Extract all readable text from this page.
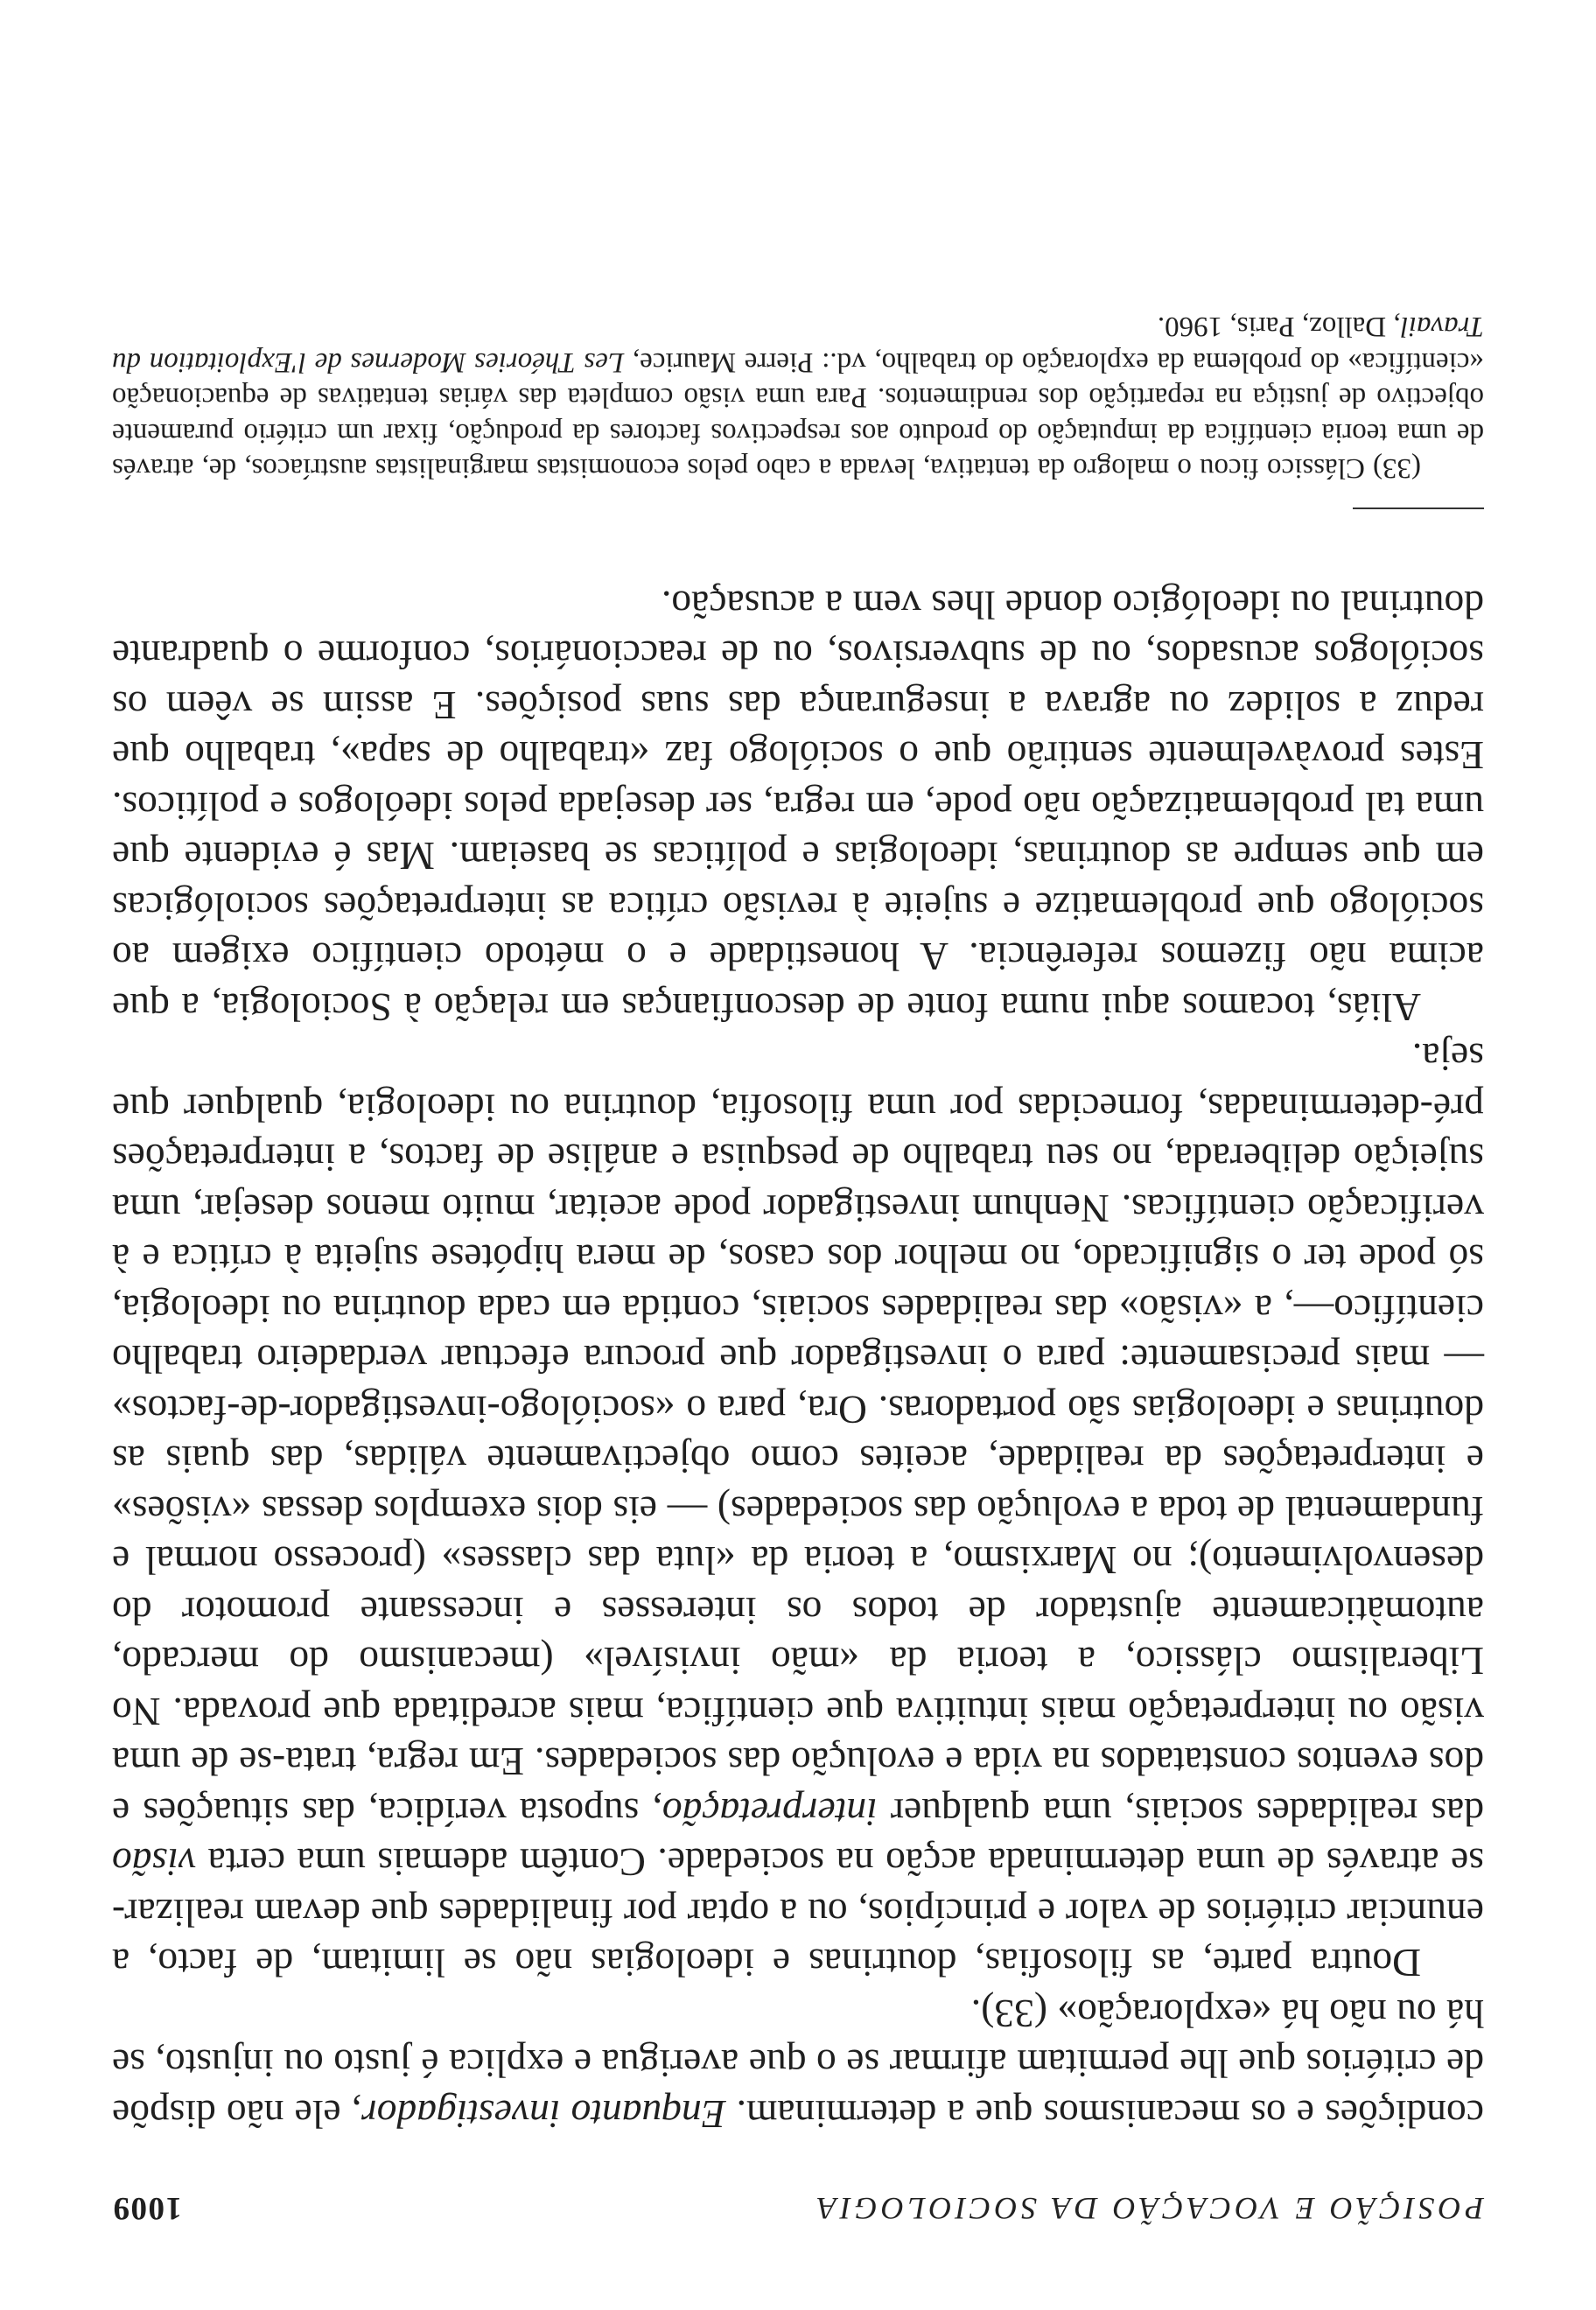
POSIÇÃO E VOCAÇÃO DA SOCIOLOGIA
1009

condições e os mecanismos que a determinam. Enquanto investigador, ele não dispõe de critérios que lhe permitam afirmar se o que averigua e explica é justo ou injusto, se há ou não há «exploração» (33).

Doutra parte, as filosofias, doutrinas e ideologias não se limitam, de facto, a enunciar critérios de valor e princípios, ou a optar por finalidades que devam realizar-se através de uma determinada acção na sociedade. Contêm ademais uma certa visão das realidades sociais, uma qualquer interpretação, suposta verídica, das situações e dos eventos constatados na vida e evolução das sociedades. Em regra, trata-se de uma visão ou interpretação mais intuitiva que científica, mais acreditada que provada. No Liberalismo clássico, a teoria da «mão invisível» (mecanismo do mercado, automàticamente ajustador de todos os interesses e incessante promotor do desenvolvimento); no Marxismo, a teoria da «luta das classes» (processo normal e fundamental de toda a evolução das sociedades) — eis dois exemplos dessas «visões» e interpretações da realidade, aceites como objectivamente válidas, das quais as doutrinas e ideologias são portadoras. Ora, para o «sociólogo-investigador-de-factos» — mais precisamente: para o investigador que procura efectuar verdadeiro trabalho científico—, a «visão» das realidades sociais, contida em cada doutrina ou ideologia, só pode ter o significado, no melhor dos casos, de mera hipótese sujeita à crítica e à verificação científicas. Nenhum investigador pode aceitar, muito menos desejar, uma sujeição deliberada, no seu trabalho de pesquisa e análise de factos, a interpretações pré-determinadas, fornecidas por uma filosofia, doutrina ou ideologia, qualquer que seja.

Aliás, tocamos aqui numa fonte de desconfianças em relação à Sociologia, a que acima não fizemos referência. A honestidade e o método científico exigem ao sociólogo que problematize e sujeite à revisão crítica as interpretações sociológicas em que sempre as doutrinas, ideologias e políticas se baseiam. Mas é evidente que uma tal problematização não pode, em regra, ser desejada pelos ideólogos e políticos. Estes provàvelmente sentirão que o sociólogo faz «trabalho de sapa», trabalho que reduz a solidez ou agrava a insegurança das suas posições. E assim se vêem os sociólogos acusados, ou de subversivos, ou de reaccionários, conforme o quadrante doutrinal ou ideológico donde lhes vem a acusação.

(33) Clássico ficou o malogro da tentativa, levada a cabo pelos economistas marginalistas austríacos, de, através de uma teoria científica da imputação do produto aos respectivos factores da produção, fixar um critério puramente objectivo de justiça na repartição dos rendimentos. Para uma visão completa das várias tentativas de equacionação «científica» do problema da exploração do trabalho, vd.: Pierre Maurice, Les Théories Modernes de l'Exploitation du Travail, Dalloz, Paris, 1960.
